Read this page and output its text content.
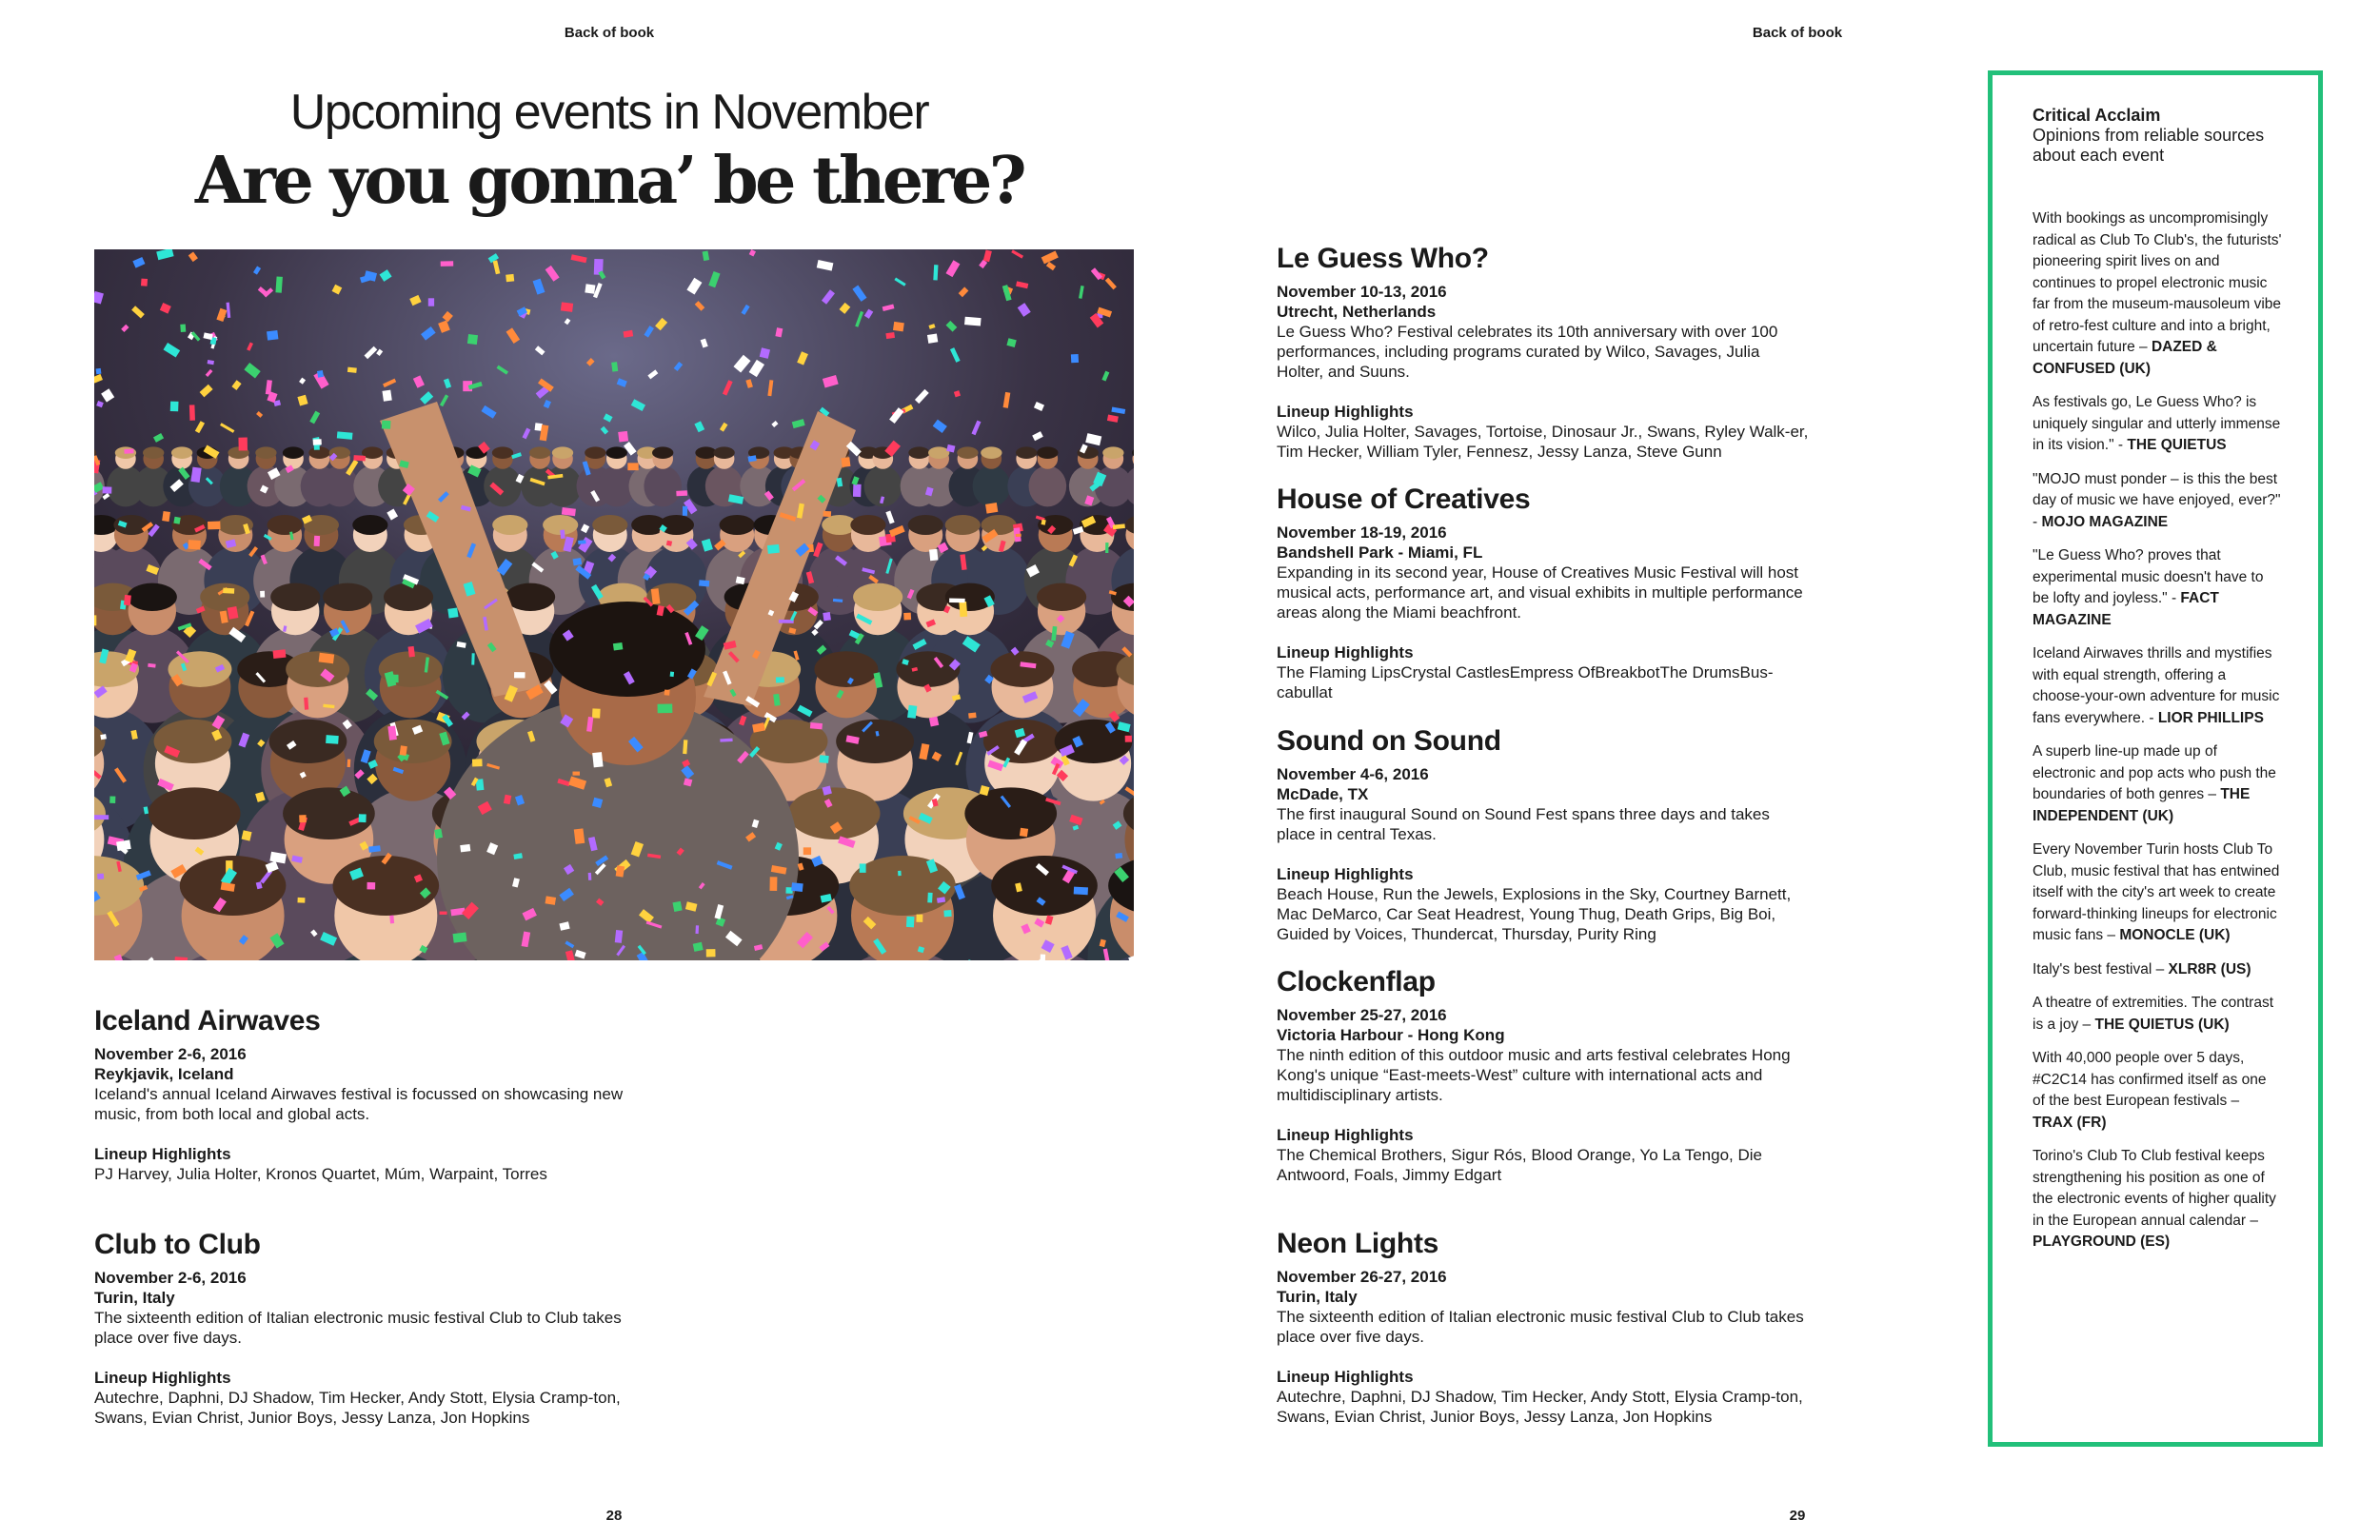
Back of book
Upcoming events in November
Are you gonna’ be there?
Iceland Airwaves
November 2-6, 2016
Reykjavik, Iceland
Iceland's annual Iceland Airwaves festival is focussed on showcasing new music, from both local and global acts.
Lineup Highlights
PJ Harvey, Julia Holter, Kronos Quartet, Múm, Warpaint, Torres
Club to Club
November 2-6, 2016
Turin, Italy
The sixteenth edition of Italian electronic music festival Club to Club takes place over five days.
Lineup Highlights
Autechre, Daphni, DJ Shadow, Tim Hecker, Andy Stott, Elysia Cramp-ton, Swans, Evian Christ, Junior Boys, Jessy Lanza, Jon Hopkins
28
Back of book
Le Guess Who?
November 10-13, 2016
Utrecht, Netherlands
Le Guess Who? Festival celebrates its 10th anniversary with over 100 performances, including programs curated by Wilco, Savages, Julia Holter, and Suuns.
Lineup Highlights
Wilco, Julia Holter, Savages, Tortoise, Dinosaur Jr., Swans, Ryley Walk-er, Tim Hecker, William Tyler, Fennesz, Jessy Lanza, Steve Gunn
House of Creatives
November 18-19, 2016
Bandshell Park - Miami, FL
Expanding in its second year, House of Creatives Music Festival will host musical acts, performance art, and visual exhibits in multiple performance areas along the Miami beachfront.
Lineup Highlights
The Flaming LipsCrystal CastlesEmpress OfBreakbotThe DrumsBus-cabullat
Sound on Sound
November 4-6, 2016
McDade, TX
The first inaugural Sound on Sound Fest spans three days and takes place in central Texas.
Lineup Highlights
Beach House, Run the Jewels, Explosions in the Sky, Courtney Barnett, Mac DeMarco, Car Seat Headrest, Young Thug, Death Grips, Big Boi, Guided by Voices, Thundercat, Thursday, Purity Ring
Clockenflap
November 25-27, 2016
Victoria Harbour - Hong Kong
The ninth edition of this outdoor music and arts festival celebrates Hong Kong's unique “East-meets-West” culture with international acts and multidisciplinary artists.
Lineup Highlights
The Chemical Brothers, Sigur Rós, Blood Orange, Yo La Tengo, Die Antwoord, Foals, Jimmy Edgart
Neon Lights
November 26-27, 2016
Turin, Italy
The sixteenth edition of Italian electronic music festival Club to Club takes place over five days.
Lineup Highlights
Autechre, Daphni, DJ Shadow, Tim Hecker, Andy Stott, Elysia Cramp-ton, Swans, Evian Christ, Junior Boys, Jessy Lanza, Jon Hopkins
29
Critical Acclaim
Opinions from reliable sources about each event

With bookings as uncompromisingly radical as Club To Club's, the futurists' pioneering spirit lives on and continues to propel electronic music far from the museum-mausoleum vibe of retro-fest culture and into a bright, uncertain future – DAZED & CONFUSED (UK)

As festivals go, Le Guess Who? is uniquely singular and utterly immense in its vision." - THE QUIETUS

"MOJO must ponder – is this the best day of music we have enjoyed, ever?" - MOJO MAGAZINE

"Le Guess Who? proves that experimental music doesn't have to be lofty and joyless." - FACT MAGAZINE

Iceland Airwaves thrills and mystifies with equal strength, offering a choose-your-own adventure for music fans everywhere. - LIOR PHILLIPS

A superb line-up made up of electronic and pop acts who push the boundaries of both genres – THE INDEPENDENT (UK)

Every November Turin hosts Club To Club, music festival that has entwined itself with the city's art week to create forward-thinking lineups for electronic music fans – MONOCLE (UK)

Italy's best festival – XLR8R (US)

A theatre of extremities. The contrast is a joy – THE QUIETUS (UK)

With 40,000 people over 5 days, #C2C14 has confirmed itself as one of the best European festivals – TRAX (FR)

Torino's Club To Club festival keeps strengthening his position as one of the electronic events of higher quality in the European annual calendar – PLAYGROUND (ES)
